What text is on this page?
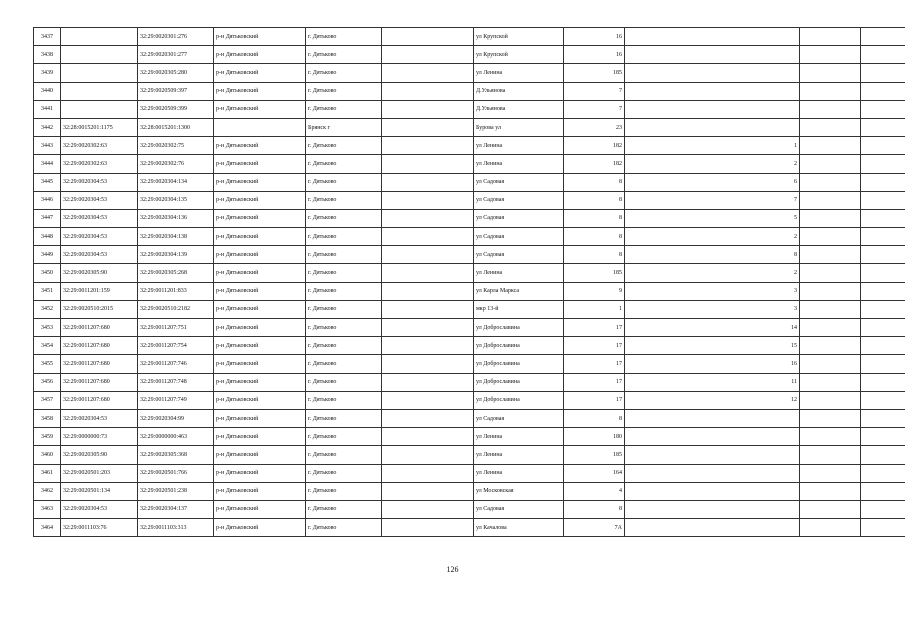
3437		32:29:0020301:276	р-н Дятьковский	г. Дятьково		ул Крупской	16				
3438		32:29:0020301:277	р-н Дятьковский	г. Дятьково		ул Крупской	16				
3439		32:29:0020305:280	р-н Дятьковский	г. Дятьково		ул Ленина	185				
3440		32:29:0020509:397	р-н Дятьковский	г. Дятьково		Д.Ульянова	7				
3441		32:29:0020509:399	р-н Дятьковский	г. Дятьково		Д.Ульянова	7				
3442	32:28:0015201:1175	32:28:0015201:1300		Брянск г		Бурова ул	23				
3443	32:29:0020302:63	32:29:0020302:75	р-н Дятьковский	г. Дятьково		ул Ленина	182	1			
3444	32:29:0020302:63	32:29:0020302:76	р-н Дятьковский	г. Дятьково		ул Ленина	182	2			
3445	32:29:0020304:53	32:29:0020304:134	р-н Дятьковский	г. Дятьково		ул Садовая	8	6			
3446	32:29:0020304:53	32:29:0020304:135	р-н Дятьковский	г. Дятьково		ул Садовая	8	7			
3447	32:29:0020304:53	32:29:0020304:136	р-н Дятьковский	г. Дятьково		ул Садовая	8	5			
3448	32:29:0020304:53	32:29:0020304:138	р-н Дятьковский	г. Дятьково		ул Садовая	8	2			
3449	32:29:0020304:53	32:29:0020304:139	р-н Дятьковский	г. Дятьково		ул Садовая	8	8			
3450	32:29:0020305:90	32:29:0020305:268	р-н Дятьковский	г. Дятьково		ул Ленина	185	2			
3451	32:29:0011201:159	32:29:0011201:833	р-н Дятьковский	г. Дятьково		ул Карла Маркса	9	3			
3452	32:29:0020510:2015	32:29:0020510:2182	р-н Дятьковский	г. Дятьково		мкр 13-й	1	3			
3453	32:29:0011207:680	32:29:0011207:751	р-н Дятьковский	г. Дятьково		ул Доброславина	17	14			
3454	32:29:0011207:680	32:29:0011207:754	р-н Дятьковский	г. Дятьково		ул Доброславина	17	15			
3455	32:29:0011207:680	32:29:0011207:746	р-н Дятьковский	г. Дятьково		ул Доброславина	17	16			
3456	32:29:0011207:680	32:29:0011207:748	р-н Дятьковский	г. Дятьково		ул Доброславина	17	11			
3457	32:29:0011207:680	32:29:0011207:749	р-н Дятьковский	г. Дятьково		ул Доброславина	17	12			
3458	32:29:0020304:53	32:29:0020304:99	р-н Дятьковский	г. Дятьково		ул Садовая	8				
3459	32:29:0000000:73	32:29:0000000:463	р-н Дятьковский	г. Дятьково		ул Ленина	180				
3460	32:29:0020305:90	32:29:0020305:368	р-н Дятьковский	г. Дятьково		ул Ленина	185				
3461	32:29:0020501:203	32:29:0020501:766	р-н Дятьковский	г. Дятьково		ул Ленина	164				
3462	32:29:0020501:134	32:29:0020501:238	р-н Дятьковский	г. Дятьково		ул Московская	4				
3463	32:29:0020304:53	32:29:0020304:137	р-н Дятьковский	г. Дятьково		ул Садовая	8				
3464	32:29:0011103:76	32:29:0011103:313	р-н Дятьковский	г. Дятьково		ул Качалова	7А				
126
